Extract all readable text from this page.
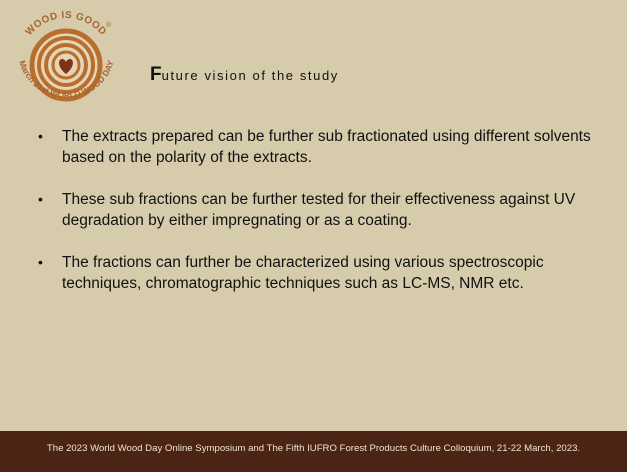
WOOD IS GOOD
®
March 21st WORLD WOOD DAY
Future vision of the study
• The extracts prepared can be further sub fractionated using different solvents based on the polarity of the extracts.
• These sub fractions can be further tested for their effectiveness against UV degradation by either impregnating or as a coating.
• The fractions can further be characterized using various spectroscopic techniques, chromatographic techniques such as LC-MS, NMR etc.
The 2023 World Wood Day Online Symposium and The Fifth IUFRO Forest Products Culture Colloquium, 21-22 March, 2023.
